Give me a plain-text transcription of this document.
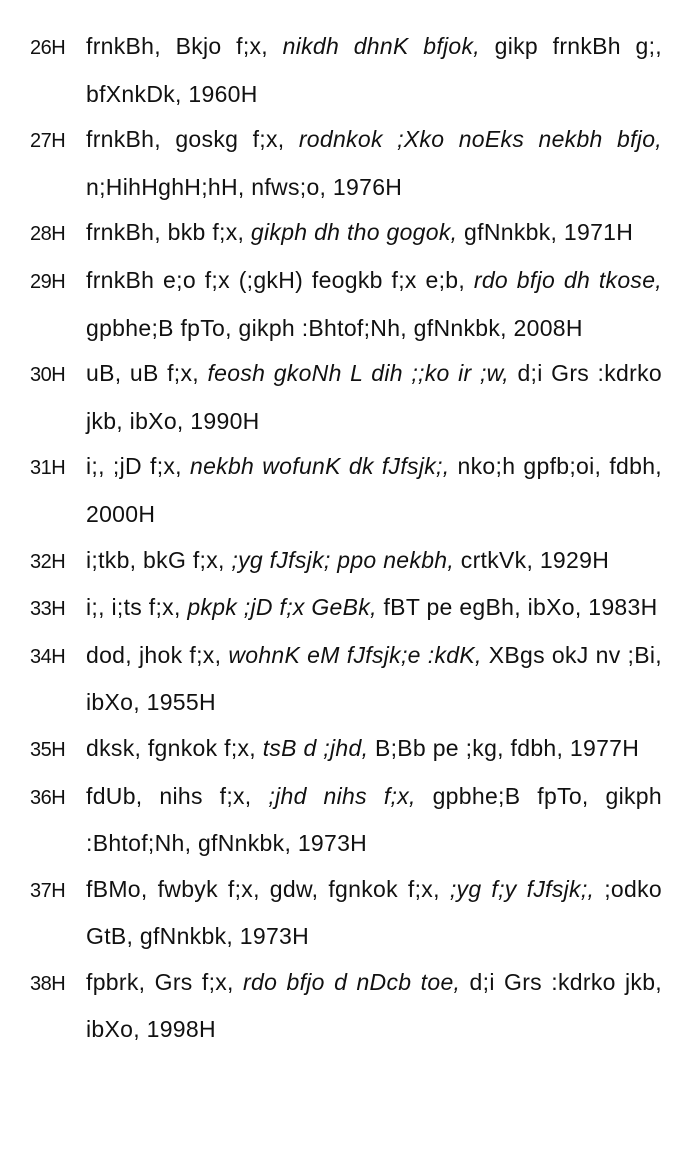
26H frnkBh, Bkjo f;x, nikdh dhnK bfjok, gikp frnkBh g;, bfXnkDk, 1960H
27H frnkBh, goskg f;x, rodnkok ;Xko noEks nekbh bfjo, n;HihHghH;hH, nfws;o, 1976H
28H frnkBh, bkb f;x, gikph dh tho gogok, gfNnkbk, 1971H
29H frnkBh e;o f;x (;gkH) feogkb f;x e;b, rdo bfjo dh tkose, gpbhe;B fpTo, gikph :Bhtof;Nh, gfNnkbk, 2008H
30H uB, uB f;x, feosh gkoNh L dih ;;ko ir ;w, d;i Grs :kdrko jkb, ibXo, 1990H
31H i;, ;jD f;x, nekbh wofunK dk fJfsjk;, nko;h gpfb;oi, fdbh, 2000H
32H i;tkb, bkG f;x, ;yg fJfsjk; ppo nekbh, crtkVk, 1929H
33H i;, i;ts f;x, pkpk ;jD f;x GeBk, fBT pe egBh, ibXo, 1983H
34H dod, jhok f;x, wohnK eM fJfsjk;e :kdK, XBgs okJ nv ;Bi, ibXo, 1955H
35H dksk, fgnkok f;x, tsB d ;jhd, B;Bb pe ;kg, fdbh, 1977H
36H fdUb, nihs f;x, ;jhd nihs f;x, gpbhe;B fpTo, gikph :Bhtof;Nh, gfNnkbk, 1973H
37H fBMo, fwbyk f;x, gdw, fgnkok f;x, ;yg f;y fJfsjk;, ;odko GtB, gfNnkbk, 1973H
38H fpbrk, Grs f;x, rdo bfjo d nDcb toe, d;i Grs :kdrko jkb, ibXo, 1998H
